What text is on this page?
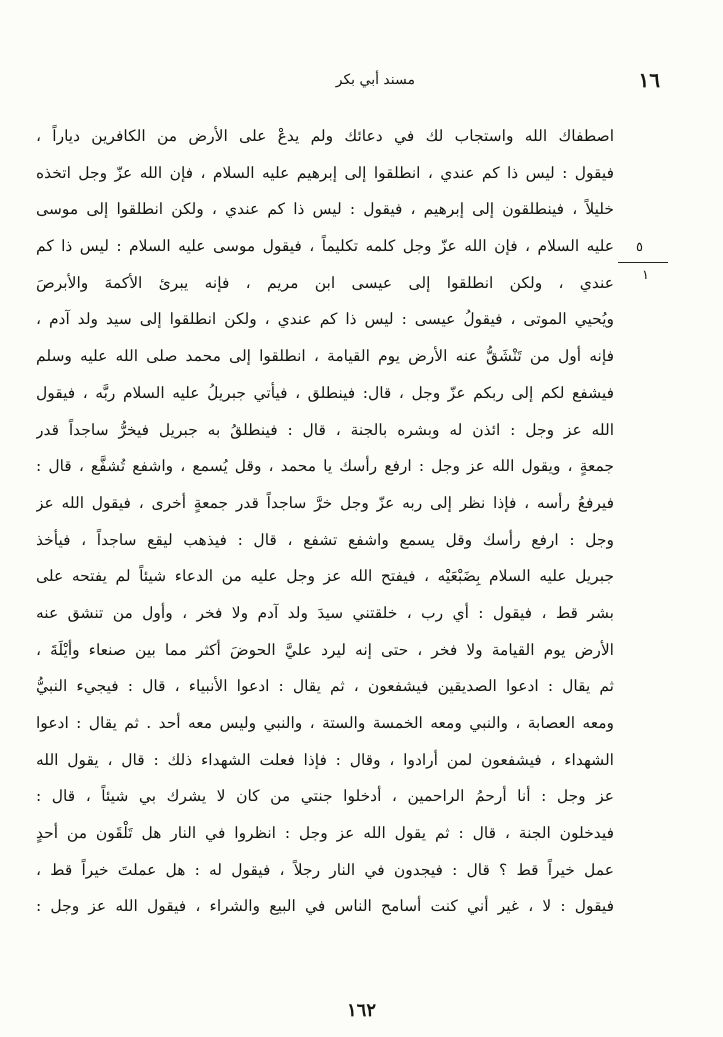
١٦
مسند أبي بكر
٥
١
اصطفاك الله واستجاب لك في دعائك ولم يدعْ على الأرض من الكافرين دياراً ،
فيقول : ليس ذا كم عندي ، انطلقوا إلى إبرهيم عليه السلام ، فإن الله عزّ وجل اتخذه
خليلاً ، فينطلقون إلى إبرهيم ، فيقول : ليس ذا كم عندي ، ولكن انطلقوا إلى موسى
عليه السلام ، فإن الله عزّ وجل كلمه تكليماً ، فيقول موسى عليه السلام : ليس ذا كم
عندي ، ولكن انطلقوا إلى عيسى ابن مريم ، فإنه يبرئ الأكمهَ والأبرصَ
ويُحيي الموتى ، فيقولُ عيسى : ليس ذا كم عندي ، ولكن انطلقوا إلى سيد ولد آدم ،
فإنه أول من تَنْشَقُّ عنه الأرض يوم القيامة ، انطلقوا إلى محمد صلى الله عليه وسلم
فيشفع لكم إلى ربكم عزّ وجل ، قال: فينطلق ، فيأتي جبريلُ عليه السلام ربَّه ، فيقول
الله عز وجل : ائذن له وبشره بالجنة ، قال : فينطلقُ به جبريل فيخرُّ ساجداً قدر
جمعةٍ ، ويقول الله عز وجل : ارفع رأسك يا محمد ، وقل يُسمع ، واشفع تُشفَّع ، قال :
فيرفعُ رأسه ، فإذا نظر إلى ربه عزّ وجل خرَّ ساجداً قدر جمعةٍ أخرى ، فيقول الله عز
وجل : ارفع رأسك وقل يسمع واشفع تشفع ، قال : فيذهب ليقع ساجداً ، فيأخذ
جبريل عليه السلام بِضَبْعَيْه ، فيفتح الله عز وجل عليه من الدعاء شيئاً لم يفتحه على
بشر قط ، فيقول : أي رب ، خلقتني سيدَ ولد آدم ولا فخر ، وأول من تنشق عنه
الأرض يوم القيامة ولا فخر ، حتى إنه ليرد عليَّ الحوضَ أكثر مما بين صنعاء وأيْلَةَ ،
ثم يقال : ادعوا الصديقين فيشفعون ، ثم يقال : ادعوا الأنبياء ، قال : فيجيء النبيُّ
ومعه العصابة ، والنبي ومعه الخمسة والستة ، والنبي وليس معه أحد . ثم يقال : ادعوا
الشهداء ، فيشفعون لمن أرادوا ، وقال : فإذا فعلت الشهداء ذلك : قال ، يقول الله
عز وجل : أنا أرحمُ الراحمين ، أدخلوا جنتي من كان لا يشرك بي شيئاً ، قال :
فيدخلون الجنة ، قال : ثم يقول الله عز وجل : انظروا في النار هل تَلْقَون من أحدٍ
عمل خيراً قط ؟ قال : فيجدون في النار رجلاً ، فيقول له : هل عملتَ خيراً قط ،
فيقول : لا ، غير أني كنت أسامح الناس في البيع والشراء ، فيقول الله عز وجل :
١٦٢
